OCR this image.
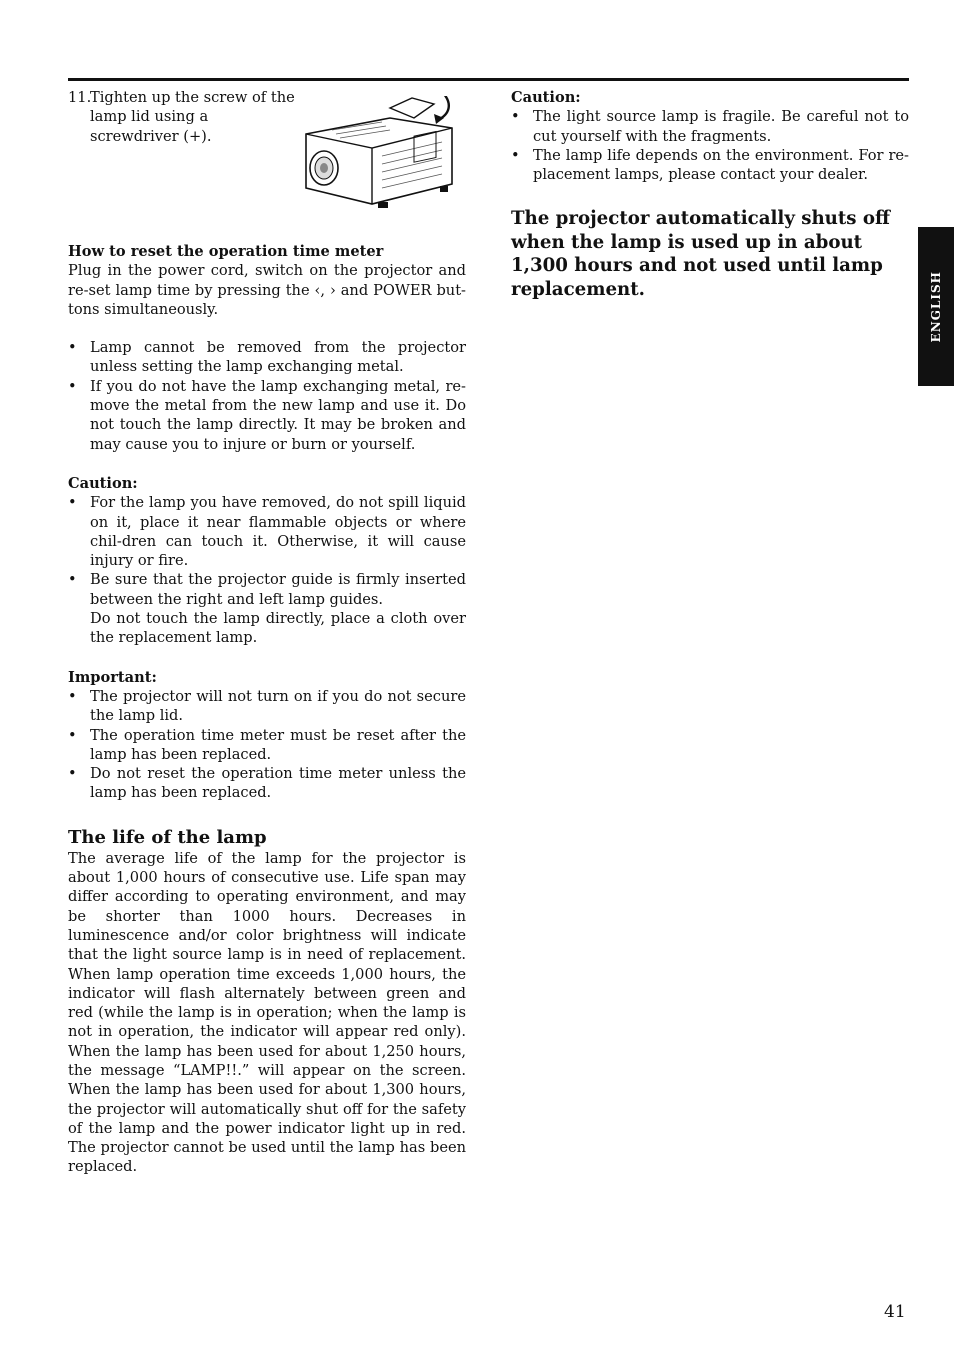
11.Tighten up the screw of the lamp lid using a screwdriver (+).

How to reset the operation time meter

Plug in the power cord, switch on the projector and re-set lamp time by pressing the ‹, › and POWER but-tons simultaneously.

• Lamp cannot be removed from the projector unless setting the lamp exchanging metal.
• If you do not have the lamp exchanging metal, re-move the metal from the new lamp and use it. Do not touch the lamp directly. It may be broken and may cause you to injure or burn or yourself.

Caution:

• For the lamp you have removed, do not spill liquid on it, place it near flammable objects or where chil-dren can touch it. Otherwise, it will cause injury or fire.
• Be sure that the projector guide is firmly inserted between the right and left lamp guides.
Do not touch the lamp directly, place a cloth over the replacement lamp.

Important:

• The projector will not turn on if you do not secure the lamp lid.
• The operation time meter must be reset after the lamp has been replaced.
• Do not reset the operation time meter unless the lamp has been replaced.
The life of the lamp

The average life of the lamp for the projector is about 1,000 hours of consecutive use. Life span may differ according to operating environment, and may be shorter than 1000 hours. Decreases in luminescence and/or color brightness will indicate that the light source lamp is in need of replacement. When lamp operation time exceeds 1,000 hours, the indicator will flash alternately between green and red (while the lamp is in operation; when the lamp is not in operation, the indicator will appear red only). When the lamp has been used for about 1,250 hours, the message “LAMP!!.” will appear on the screen. When the lamp has been used for about 1,300 hours, the projector will automatically shut off for the safety of the lamp and the power indicator light up in red. The projector cannot be used until the lamp has been replaced.

Caution:

• The light source lamp is fragile. Be careful not to cut yourself with the fragments.
• The lamp life depends on the environment. For re-placement lamps, please contact your dealer.

The projector automatically shuts off when the lamp is used up in about 1,300 hours and not used until lamp replacement.	ENGLISH
41
